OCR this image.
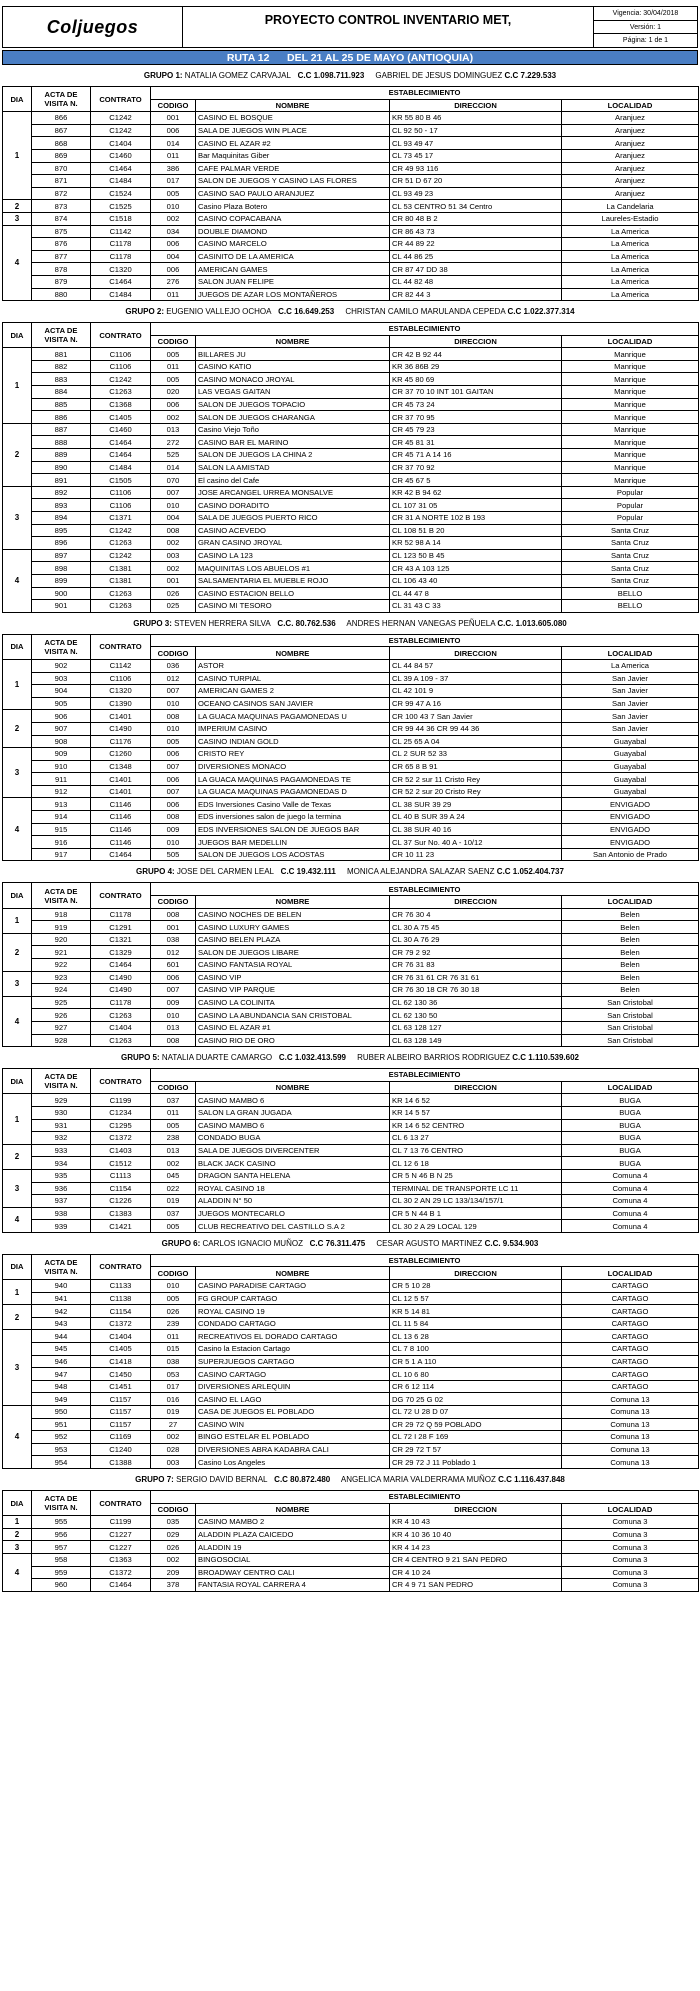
Coljuegos	PROYECTO CONTROL INVENTARIO MET,	Vigencia: 30/04/2018
Versión: 1
Página: 1 de 1
RUTA 12      DEL 21 AL 25 DE MAYO (ANTIOQUIA)
GRUPO 1: NATALIA GOMEZ CARVAJAL C.C 1.098.711.923 GABRIEL DE JESUS DOMINGUEZ C.C 7.229.533
DIA	ACTA DE VISITA N.	CONTRATO	ESTABLECIMIENTO			
			CODIGO	NOMBRE	DIRECCION	LOCALIDAD
1	866	C1242	001	CASINO EL BOSQUE	KR 55 80 B 46	Aranjuez
	867	C1242	006	SALA DE JUEGOS WIN PLACE	CL 92 50 - 17	Aranjuez
	868	C1404	014	CASINO EL AZAR #2	CL 93 49 47	Aranjuez
	869	C1460	011	Bar Maquinitas Giber	CL 73 45 17	Aranjuez
	870	C1464	386	CAFE PALMAR VERDE	CR 49 93 116	Aranjuez
	871	C1484	017	SALON DE JUEGOS Y CASINO LAS FLORES	CR 51 D 67 20	Aranjuez
	872	C1524	005	CASINO SAO PAULO ARANJUEZ	CL 93 49 23	Aranjuez
2	873	C1525	010	Casino Plaza Botero	CL 53 CENTRO 51 34 Centro	La Candelaria
3	874	C1518	002	CASINO COPACABANA	CR 80 48 B 2	Laureles-Estadio
4	875	C1142	034	DOUBLE DIAMOND	CR 86 43 73	La America
	876	C1178	006	CASINO MARCELO	CR 44 89 22	La America
	877	C1178	004	CASINITO DE LA AMERICA	CL 44 86 25	La America
	878	C1320	006	AMERICAN GAMES	CR 87 47 DD 38	La America
	879	C1464	276	SALON JUAN FELIPE	CL 44 82 48	La America
	880	C1484	011	JUEGOS DE AZAR LOS MONTAÑEROS	CR 82 44 3	La America
GRUPO 2: EUGENIO VALLEJO OCHOA C.C 16.649.253 CHRISTAN CAMILO MARULANDA CEPEDA C.C 1.022.377.314
DIA	ACTA DE VISITA N.	CONTRATO	ESTABLECIMIENTO			
			CODIGO	NOMBRE	DIRECCION	LOCALIDAD
1	881	C1106	005	BILLARES JU	CR 42 B 92 44	Manrique
	882	C1106	011	CASINO KATIO	KR 36 86B 29	Manrique
	883	C1242	005	CASINO MONACO JROYAL	KR 45 80 69	Manrique
	884	C1263	020	LAS VEGAS GAITAN	CR 37 70 10 INT 101 GAITAN	Manrique
	885	C1368	006	SALON DE JUEGOS TOPACIO	CR 45 73 24	Manrique
	886	C1405	002	SALON DE JUEGOS CHARANGA	CR 37 70 95	Manrique
2	887	C1460	013	Casino Viejo Toño	CR 45 79 23	Manrique
	888	C1464	272	CASINO BAR EL MARINO	CR 45 81 31	Manrique
	889	C1464	525	SALON DE JUEGOS LA CHINA 2	CR 45 71 A 14 16	Manrique
	890	C1484	014	SALON LA AMISTAD	CR 37 70 92	Manrique
	891	C1505	070	El casino del Cafe	CR 45 67 5	Manrique
3	892	C1106	007	JOSE ARCANGEL URREA MONSALVE	KR 42 B 94 62	Popular
	893	C1106	010	CASINO DORADITO	CL 107 31 05	Popular
	894	C1371	004	SALA DE JUEGOS PUERTO RICO	CR 31 A NORTE 102 B 193	Popular
	895	C1242	008	CASINO ACEVEDO	CL 108 51 B 20	Santa Cruz
	896	C1263	002	GRAN CASINO JROYAL	KR 52 98 A 14	Santa Cruz
4	897	C1242	003	CASINO LA 123	CL 123 50 B 45	Santa Cruz
	898	C1381	002	MAQUINITAS LOS ABUELOS #1	CR 43 A 103 125	Santa Cruz
	899	C1381	001	SALSAMENTARIA EL MUEBLE ROJO	CL 106 43 40	Santa Cruz
	900	C1263	026	CASINO ESTACION BELLO	CL 44 47 8	BELLO
	901	C1263	025	CASINO MI TESORO	CL 31 43 C 33	BELLO
GRUPO 3: STEVEN HERRERA SILVA C.C. 80.762.536 ANDRES HERNAN VANEGAS PEÑUELA C.C. 1.013.605.080
DIA	ACTA DE VISITA N.	CONTRATO	ESTABLECIMIENTO			
			CODIGO	NOMBRE	DIRECCION	LOCALIDAD
1	902	C1142	036	ASTOR	CL 44 84 57	La America
	903	C1106	012	CASINO TURPIAL	CL 39 A 109 - 37	San Javier
	904	C1320	007	AMERICAN GAMES 2	CL 42 101 9	San Javier
	905	C1390	010	OCEANO CASINOS SAN JAVIER	CR 99 47 A 16	San Javier
2	906	C1401	008	LA GUACA MAQUINAS PAGAMONEDAS U	CR 100 43 7 San Javier	San Javier
	907	C1490	010	IMPERIUM CASINO	CR 99 44 36 CR 99 44 36	San Javier
	908	C1176	005	CASINO INDIAN GOLD	CL 25 65 A 04	Guayabal
3	909	C1260	006	CRISTO REY	CL 2 SUR 52 33	Guayabal
	910	C1348	007	DIVERSIONES MONACO	CR 65 8 B 91	Guayabal
	911	C1401	006	LA GUACA MAQUINAS PAGAMONEDAS TE	CR 52 2 sur 11 Cristo Rey	Guayabal
	912	C1401	007	LA GUACA MAQUINAS PAGAMONEDAS D	CR 52 2 sur 20 Cristo Rey	Guayabal
4	913	C1146	006	EDS Inversiones Casino Valle de Texas	CL 38 SUR 39 29	ENVIGADO
	914	C1146	008	EDS inversiones salon de juego la termina	CL 40 B SUR 39 A 24	ENVIGADO
	915	C1146	009	EDS INVERSIONES SALON DE JUEGOS BAR	CL 38 SUR 40 16	ENVIGADO
	916	C1146	010	JUEGOS BAR MEDELLIN	CL 37 Sur No. 40 A - 10/12	ENVIGADO
	917	C1464	505	SALON DE JUEGOS LOS ACOSTAS	CR 10 11 23	San Antonio de Prado
GRUPO 4: JOSE DEL CARMEN LEAL C.C 19.432.111 MONICA ALEJANDRA SALAZAR SAENZ C.C 1.052.404.737
DIA	ACTA DE VISITA N.	CONTRATO	ESTABLECIMIENTO			
			CODIGO	NOMBRE	DIRECCION	LOCALIDAD
1	918	C1178	008	CASINO NOCHES DE BELEN	CR 76 30 4	Belen
	919	C1291	001	CASINO LUXURY GAMES	CL 30 A 75 45	Belen
2	920	C1321	038	CASINO BELEN PLAZA	CL 30 A 76 29	Belen
	921	C1329	012	SALON DE JUEGOS LIBARE	CR 79 2 92	Belen
	922	C1464	601	CASINO FANTASIA ROYAL	CR 76 31 83	Belen
3	923	C1490	006	CASINO VIP	CR 76 31 61 CR 76 31 61	Belen
	924	C1490	007	CASINO VIP PARQUE	CR 76 30 18 CR 76 30 18	Belen
4	925	C1178	009	CASINO LA COLINITA	CL 62 130 36	San Cristobal
	926	C1263	010	CASINO LA ABUNDANCIA SAN CRISTOBAL	CL 62 130 50	San Cristobal
	927	C1404	013	CASINO EL AZAR #1	CL 63 128 127	San Cristobal
	928	C1263	008	CASINO RIO DE ORO	CL 63 128 149	San Cristobal
GRUPO 5: NATALIA DUARTE CAMARGO C.C 1.032.413.599 RUBER ALBEIRO BARRIOS RODRIGUEZ C.C 1.110.539.602
DIA	ACTA DE VISITA N.	CONTRATO	ESTABLECIMIENTO			
			CODIGO	NOMBRE	DIRECCION	LOCALIDAD
1	929	C1199	037	CASINO MAMBO 6	KR 14 6 52	BUGA
	930	C1234	011	SALON LA GRAN JUGADA	KR 14 5 57	BUGA
	931	C1295	005	CASINO MAMBO 6	KR 14 6 52 CENTRO	BUGA
	932	C1372	238	CONDADO BUGA	CL 6 13 27	BUGA
2	933	C1403	013	SALA DE JUEGOS DIVERCENTER	CL 7 13 76 CENTRO	BUGA
	934	C1512	002	BLACK JACK CASINO	CL 12 6 18	BUGA
3	935	C1113	045	DRAGON SANTA HELENA	CR 5 N 46 B N 25	Comuna 4
	936	C1154	022	ROYAL CASINO 18	TERMINAL DE TRANSPORTE LC 11	Comuna 4
	937	C1226	019	ALADDIN N° 50	CL 30 2 AN 29 LC 133/134/157/1	Comuna 4
4	938	C1383	037	JUEGOS MONTECARLO	CR 5 N 44 B 1	Comuna 4
	939	C1421	005	CLUB RECREATIVO DEL CASTILLO S.A 2	CL 30 2 A 29 LOCAL 129	Comuna 4
GRUPO 6: CARLOS IGNACIO MUÑOZ C.C 76.311.475 CESAR AGUSTO MARTINEZ C.C. 9.534.903
DIA	ACTA DE VISITA N.	CONTRATO	ESTABLECIMIENTO			
			CODIGO	NOMBRE	DIRECCION	LOCALIDAD
1	940	C1133	010	CASINO PARADISE CARTAGO	CR 5 10 28	CARTAGO
	941	C1138	005	FG GROUP CARTAGO	CL 12 5 57	CARTAGO
2	942	C1154	026	ROYAL CASINO 19	KR 5 14 81	CARTAGO
	943	C1372	239	CONDADO CARTAGO	CL 11 5 84	CARTAGO
3	944	C1404	011	RECREATIVOS EL DORADO CARTAGO	CL 13 6 28	CARTAGO
	945	C1405	015	Casino la Estacion Cartago	CL 7 8 100	CARTAGO
	946	C1418	038	SUPERJUEGOS CARTAGO	CR 5 1 A 110	CARTAGO
	947	C1450	053	CASINO CARTAGO	CL 10 6 80	CARTAGO
	948	C1451	017	DIVERSIONES ARLEQUIN	CR 6 12 114	CARTAGO
	949	C1157	016	CASINO EL LAGO	DG 70 25 G 02	Comuna 13
4	950	C1157	019	CASA DE JUEGOS EL POBLADO	CL 72 U 28 D 07	Comuna 13
	951	C1157	27	CASINO WIN	CR 29 72 Q 59 POBLADO	Comuna 13
	952	C1169	002	BINGO ESTELAR EL POBLADO	CL 72 I 28 F 169	Comuna 13
	953	C1240	028	DIVERSIONES ABRA KADABRA CALI	CR 29 72 T 57	Comuna 13
	954	C1388	003	Casino Los Angeles	CR 29 72 J 11 Poblado 1	Comuna 13
GRUPO 7: SERGIO DAVID BERNAL C.C 80.872.480 ANGELICA MARIA VALDERRAMA MUÑOZ C.C 1.116.437.848
DIA	ACTA DE VISITA N.	CONTRATO	ESTABLECIMIENTO			
			CODIGO	NOMBRE	DIRECCION	LOCALIDAD
1	955	C1199	035	CASINO MAMBO 2	KR 4 10 43	Comuna 3
2	956	C1227	029	ALADDIN PLAZA CAICEDO	KR 4 10 36 10 40	Comuna 3
3	957	C1227	026	ALADDIN 19	KR 4 14 23	Comuna 3
4	958	C1363	002	BINGOSOCIAL	CR 4 CENTRO 9 21 SAN PEDRO	Comuna 3
	959	C1372	209	BROADWAY CENTRO CALI	CR 4 10 24	Comuna 3
	960	C1464	378	FANTASIA ROYAL CARRERA 4	CR 4 9 71 SAN PEDRO	Comuna 3
